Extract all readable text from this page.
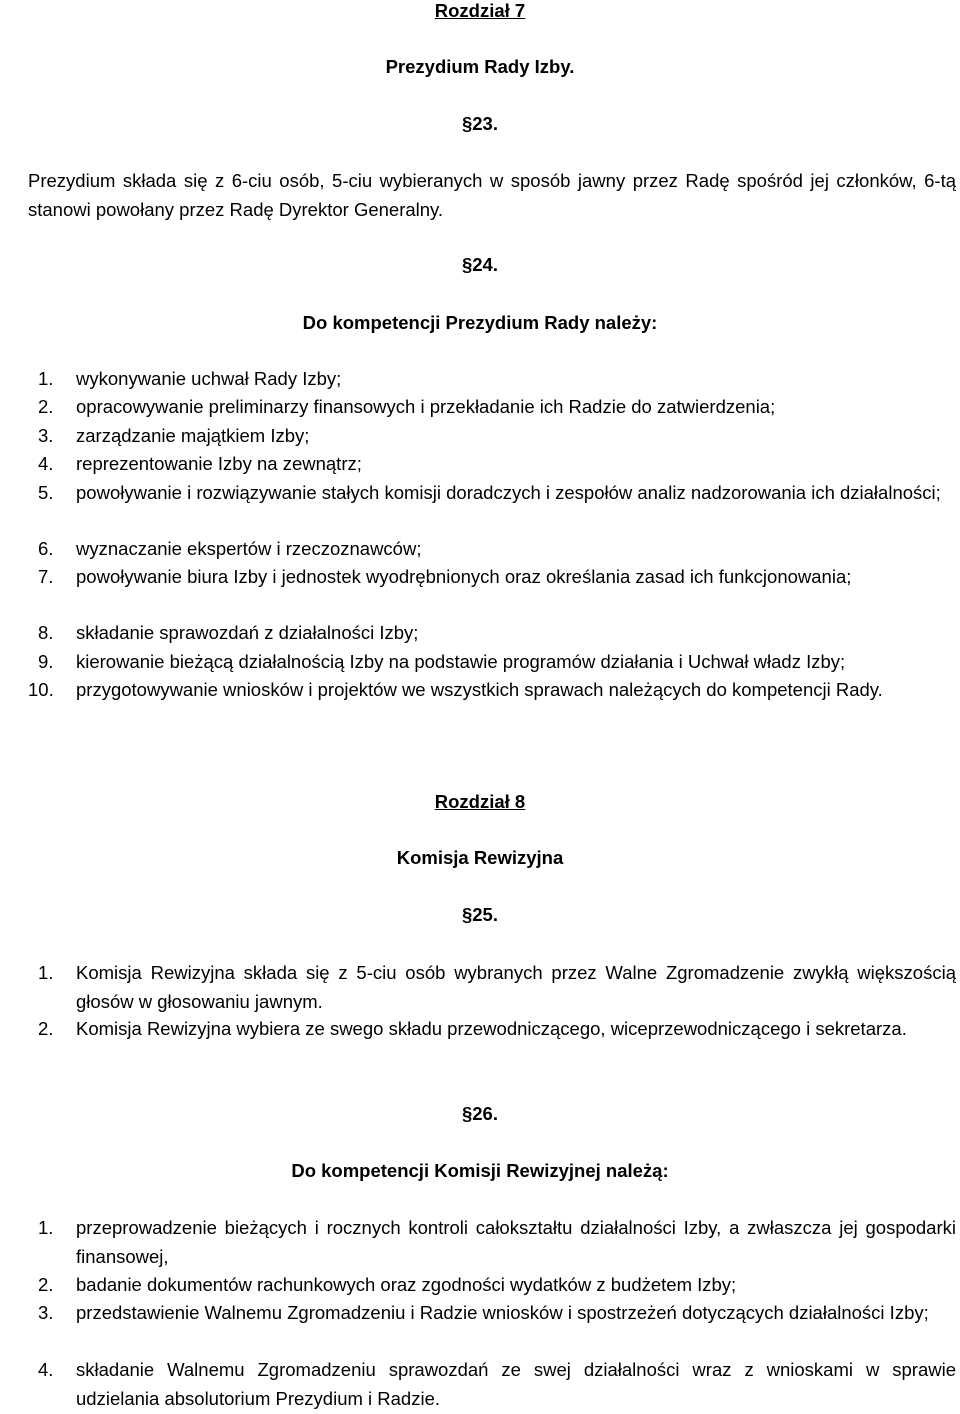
Rozdział 7
Prezydium Rady Izby.
§23.
Prezydium składa się z 6-ciu osób, 5-ciu wybieranych w sposób jawny przez Radę spośród jej członków, 6-tą stanowi powołany przez Radę Dyrektor Generalny.
§24.
Do kompetencji Prezydium Rady należy:
1.	wykonywanie uchwał Rady Izby;
2.	opracowywanie preliminarzy finansowych i przekładanie ich Radzie do zatwierdzenia;
3.	zarządzanie majątkiem Izby;
4.	reprezentowanie Izby na zewnątrz;
5.	powoływanie i rozwiązywanie stałych komisji doradczych i zespołów analiz nadzorowania ich działalności;
6.	wyznaczanie ekspertów i rzeczoznawców;
7.	powoływanie biura Izby i jednostek wyodrębnionych oraz określania zasad ich funkcjonowania;
8.	składanie sprawozdań z działalności Izby;
9.	kierowanie bieżącą działalnością Izby na podstawie programów działania i Uchwał władz Izby;
10.	przygotowywanie wniosków i projektów we wszystkich sprawach należących do kompetencji Rady.
Rozdział 8
Komisja Rewizyjna
§25.
1.	Komisja Rewizyjna składa się z 5-ciu osób wybranych przez Walne Zgromadzenie zwykłą większością głosów w głosowaniu jawnym.
2.	Komisja Rewizyjna wybiera ze swego składu przewodniczącego, wiceprzewodniczącego i sekretarza.
§26.
Do kompetencji Komisji Rewizyjnej należą:
1.	przeprowadzenie bieżących i rocznych kontroli całokształtu działalności Izby, a zwłaszcza jej gospodarki finansowej,
2.	badanie dokumentów rachunkowych oraz zgodności wydatków z budżetem Izby;
3.	przedstawienie Walnemu Zgromadzeniu i Radzie wniosków i spostrzeżeń dotyczących działalności Izby;
4.	składanie Walnemu Zgromadzeniu sprawozdań ze swej działalności wraz z wnioskami w sprawie udzielania absolutorium Prezydium i Radzie.
